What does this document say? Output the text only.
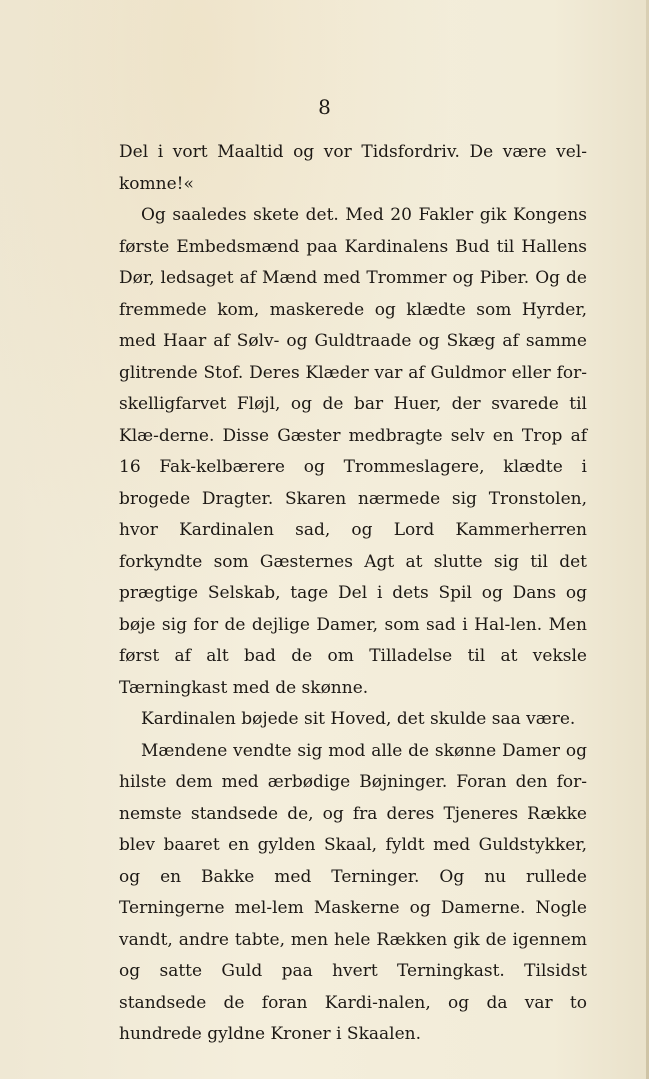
8

Del i vort Maaltid og vor Tidsfordriv. De være vel-komne!«

Og saaledes skete det. Med 20 Fakler gik Kongens første Embedsmænd paa Kardinalens Bud til Hallens Dør, ledsaget af Mænd med Trommer og Piber. Og de fremmede kom, maskerede og klædte som Hyrder, med Haar af Sølv- og Guldtraade og Skæg af samme glitrende Stof. Deres Klæder var af Guldmor eller for-skelligfarvet Fløjl, og de bar Huer, der svarede til Klæ-derne. Disse Gæster medbragte selv en Trop af 16 Fak-kelbærere og Trommeslagere, klædte i brogede Dragter. Skaren nærmede sig Tronstolen, hvor Kardinalen sad, og Lord Kammerherren forkyndte som Gæsternes Agt at slutte sig til det prægtige Selskab, tage Del i dets Spil og Dans og bøje sig for de dejlige Damer, som sad i Hal-len. Men først af alt bad de om Tilladelse til at veksle Tærningkast med de skønne.

Kardinalen bøjede sit Hoved, det skulde saa være.

Mændene vendte sig mod alle de skønne Damer og hilste dem med ærbødige Bøjninger. Foran den for-nemste standsede de, og fra deres Tjeneres Række blev baaret en gylden Skaal, fyldt med Guldstykker, og en Bakke med Terninger. Og nu rullede Terningerne mel-lem Maskerne og Damerne. Nogle vandt, andre tabte, men hele Rækken gik de igennem og satte Guld paa hvert Terningkast. Tilsidst standsede de foran Kardi-nalen, og da var to hundrede gyldne Kroner i Skaalen.
